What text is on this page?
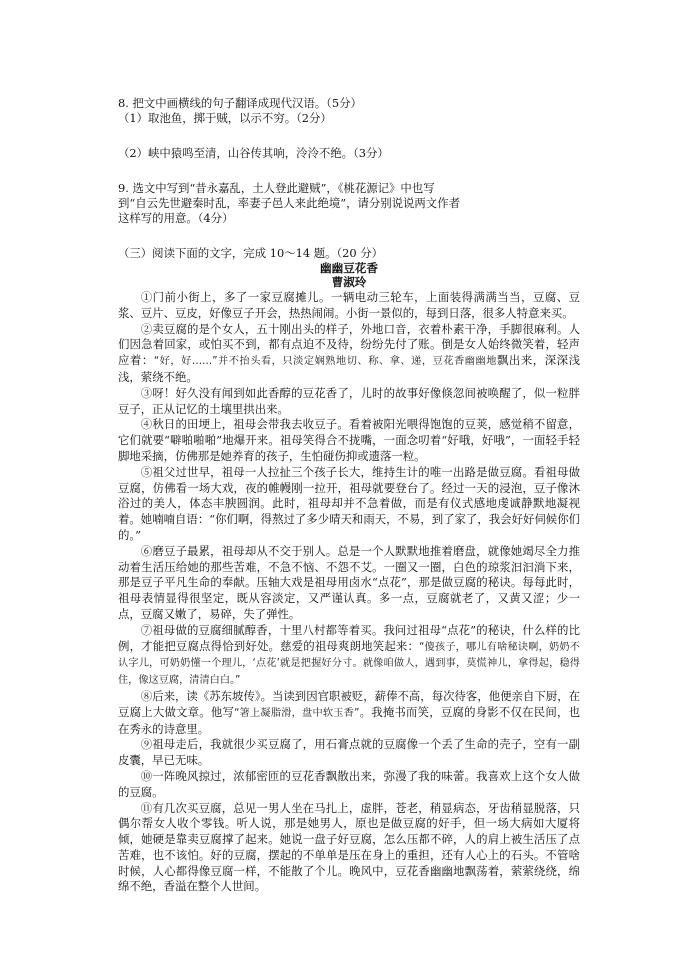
8. 把文中画横线的句子翻译成现代汉语。（5分）

（1）取池鱼，掷于贼，以示不穷。（2分）

（2）峡中猿鸣至清，山谷传其响，泠泠不绝。（3分）

9. 选文中写到“昔永嘉乱，土人登此避贼”，《桃花源记》中也写

到“自云先世避秦时乱，率妻子邑人来此绝境”，请分别说说两文作者

这样写的用意。（4分）

（三）阅读下面的文字，完成 10～14 题。（20 分）

幽幽豆花香

曹淑玲

①门前小街上，多了一家豆腐摊儿。一辆电动三轮车，上面装得满满当当，豆腐、豆浆、豆片、豆皮，好像豆子开会，热热闹闹。小街一景似的，每到日落，很多人特意来买。

②卖豆腐的是个女人，五十刚出头的样子，外地口音，衣着朴素干净，手脚很麻利。人们因急着回家，或怕买不到，都有点迫不及待，纷纷先付了账。倒是女人始终微笑着，轻声应着：“好，好……”并不抬头看，只淡定娴熟地切、称、拿、递，豆花香幽幽地飘出来，深深浅浅，萦绕不绝。

③呀！好久没有闻到如此香醇的豆花香了，儿时的故事好像倏忽间被唤醒了，似一粒胖豆子，正从记忆的土壤里拱出来。

④秋日的田埂上，祖母会带我去收豆子。看着被阳光喂得饱饱的豆荚，感觉稍不留意，它们就要“噼啪啪啪”地爆开来。祖母笑得合不拢嘴，一面念叨着“好哦，好哦”，一面轻手轻脚地采摘，仿佛那是她养育的孩子，生怕碰伤抑或遗落一粒。

⑤祖父过世早，祖母一人拉扯三个孩子长大，维持生计的唯一出路是做豆腐。看祖母做豆腐，仿佛看一场大戏，夜的帷幔刚一拉开，祖母就要登台了。经过一天的浸泡，豆子像沐浴过的美人，体态丰腴圆润。此时，祖母却并不急着做，而是有仪式感地虔诚静默地凝视着。她喃喃自语：“你们啊，得熬过了多少晴天和雨天，不易，到了家了，我会好好伺候你们的。”

⑥磨豆子最累，祖母却从不交于别人。总是一个人默默地推着磨盘，就像她竭尽全力推动着生活压给她的那些苦难，不急不恼、不怨不艾。一圈又一圈，白色的琼浆汩汩淌下来，那是豆子平凡生命的奉献。压轴大戏是祖母用卤水“点花”，那是做豆腐的秘诀。每每此时，祖母表情显得很坚定，既从容淡定，又严谨认真。多一点，豆腐就老了，又黄又涩；少一点，豆腐又嫩了，易碎，失了弹性。

⑦祖母做的豆腐细腻醇香，十里八村都等着买。我问过祖母“点花”的秘诀，什么样的比例，才能把豆腐点得恰到好处。慈爱的祖母爽朗地笑起来：“傻孩子，哪儿有啥秘诀啊，奶奶不认字儿，可奶奶懂一个理儿，‘点花’就是把握好分寸。就像咱做人，遇到事，莫慌神儿，拿得起，稳得住，像这豆腐，清清白白。”

⑧后来，读《苏东坡传》。当读到因官职被贬，薪俸不高，每次待客，他便亲自下厨，在豆腐上大做文章。他写“箸上凝脂滑，盘中软玉香”。我掩书而笑，豆腐的身影不仅在民间，也在秀永的诗意里。

⑨祖母走后，我就很少买豆腐了，用石膏点就的豆腐像一个丢了生命的壳子，空有一副皮囊，早已无味。

⑩一阵晚风掠过，浓郁密匝的豆花香飘散出来，弥漫了我的味蕾。我喜欢上这个女人做的豆腐。

⑪有几次买豆腐，总见一男人坐在马扎上，虚胖，苍老，稍显病态，牙齿稍显脱落，只偶尔帮女人收个零钱。听人说，那是她男人，原也是做豆腐的好手，但一场大病如大厦将倾，她硬是靠卖豆腐撑了起来。她说一盘子好豆腐，怎么压都不碎，人的肩上被生活压了点苦难，也不该怕。好的豆腐，摆起的不单单是压在身上的重担，还有人心上的石头。不管啥时候，人心都得像豆腐一样，不能散了个儿。晚风中，豆花香幽幽地飘荡着，萦萦绕绕，绵绵不绝，香溢在整个人世间。
